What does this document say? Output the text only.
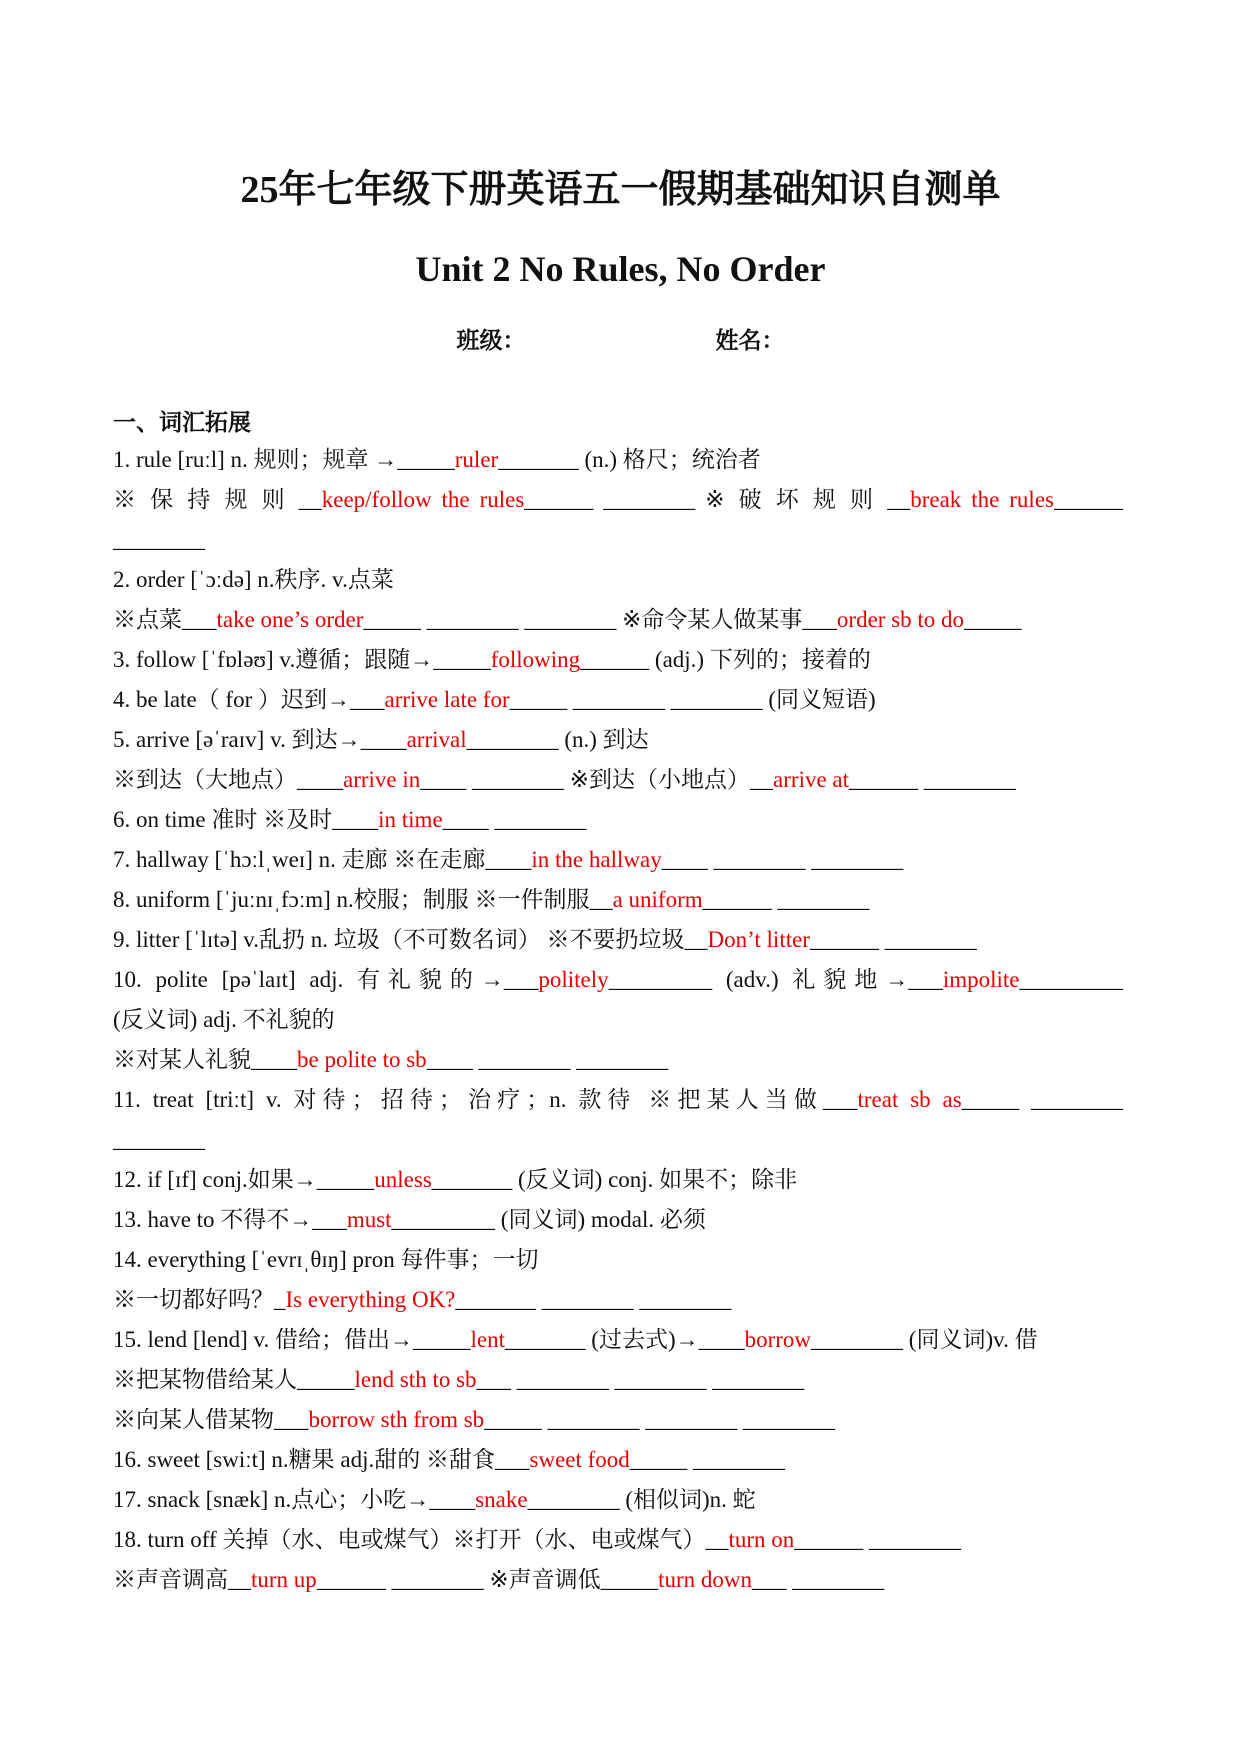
25年七年级下册英语五一假期基础知识自测单
Unit 2 No Rules, No Order
班级：	姓名：
一、词汇拓展
1. rule [ruːl] n. 规则；规章 →_____ruler_______ (n.) 格尺；统治者
※ 保 持 规 则 __keep/follow the rules______ ________ ※ 破 坏 规 则 __break the rules______
________
2. order [ˈɔːdə] n.秩序. v.点菜
※点菜___take one’s order_____ ________ ________ ※命令某人做某事___order sb to do_____
3. follow [ˈfɒləʊ] v.遵循；跟随→_____following______ (adj.) 下列的；接着的
4. be late（ for ）迟到→___arrive late for_____ ________ ________ (同义短语)
5. arrive [əˈraɪv] v. 到达→____arrival________ (n.) 到达
※到达（大地点）____arrive in____ ________ ※到达（小地点）__arrive at______ ________
6. on time 准时 ※及时____in time____ ________
7. hallway [ˈhɔːlˌweɪ] n. 走廊 ※在走廊____in the hallway____ ________ ________
8. uniform [ˈjuːnɪˌfɔːm] n.校服；制服 ※一件制服__a uniform______ ________
9. litter [ˈlɪtə] v.乱扔 n. 垃圾（不可数名词） ※不要扔垃圾__Don’t litter______ ________
10. polite [pəˈlaɪt] adj. 有礼貌的→___politely_________ (adv.) 礼貌地→___impolite_________
(反义词) adj. 不礼貌的
※对某人礼貌____be polite to sb____ ________ ________
11. treat [triːt] v. 对待；招待；治疗；n. 款待 ※把某人当做___treat sb as_____ ________
________
12. if [ɪf] conj.如果→_____unless_______ (反义词) conj. 如果不；除非
13. have to 不得不→___must_________ (同义词) modal. 必须
14. everything [ˈevrɪˌθɪŋ] pron 每件事；一切
※一切都好吗？_Is everything OK?_______ ________ ________
15. lend [lend] v. 借给；借出→_____lent_______ (过去式)→____borrow________ (同义词)v. 借
※把某物借给某人_____lend sth to sb___ ________ ________ ________
※向某人借某物___borrow sth from sb_____ ________ ________ ________
16. sweet [swiːt] n.糖果 adj.甜的 ※甜食___sweet food_____ ________
17. snack [snæk] n.点心；小吃→____snake________ (相似词)n. 蛇
18. turn off 关掉（水、电或煤气）※打开（水、电或煤气）__turn on______ ________
※声音调高__turn up______ ________ ※声音调低_____turn down___ ________
